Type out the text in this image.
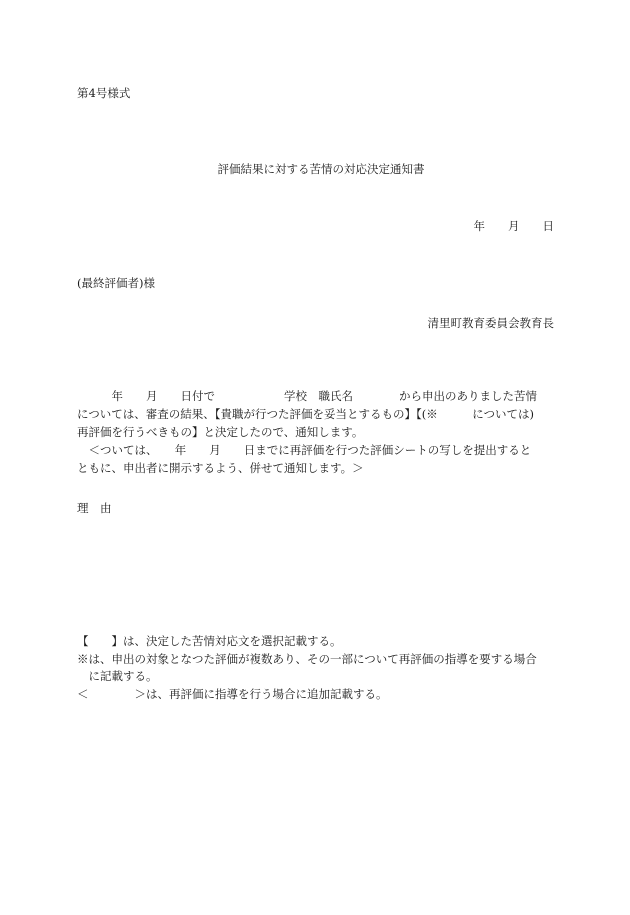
第4号様式
評価結果に対する苦情の対応決定通知書
年　　月　　日
(最終評価者)様
清里町教育委員会教育長
　　　年　　月　　日付で　　　　　　学校　職氏名　　　　から申出のありました苦情
については、審査の結果、【貴職が行つた評価を妥当とするもの】【(※　　　については)
再評価を行うべきもの】と決定したので、通知します。
　＜ついては、　　年　　月　　日までに再評価を行つた評価シートの写しを提出すると
ともに、申出者に開示するよう、併せて通知します。＞
理　由
【　　】は、決定した苦情対応文を選択記載する。
※は、申出の対象となつた評価が複数あり、その一部について再評価の指導を要する場合
　に記載する。
＜　　　　＞は、再評価に指導を行う場合に追加記載する。
